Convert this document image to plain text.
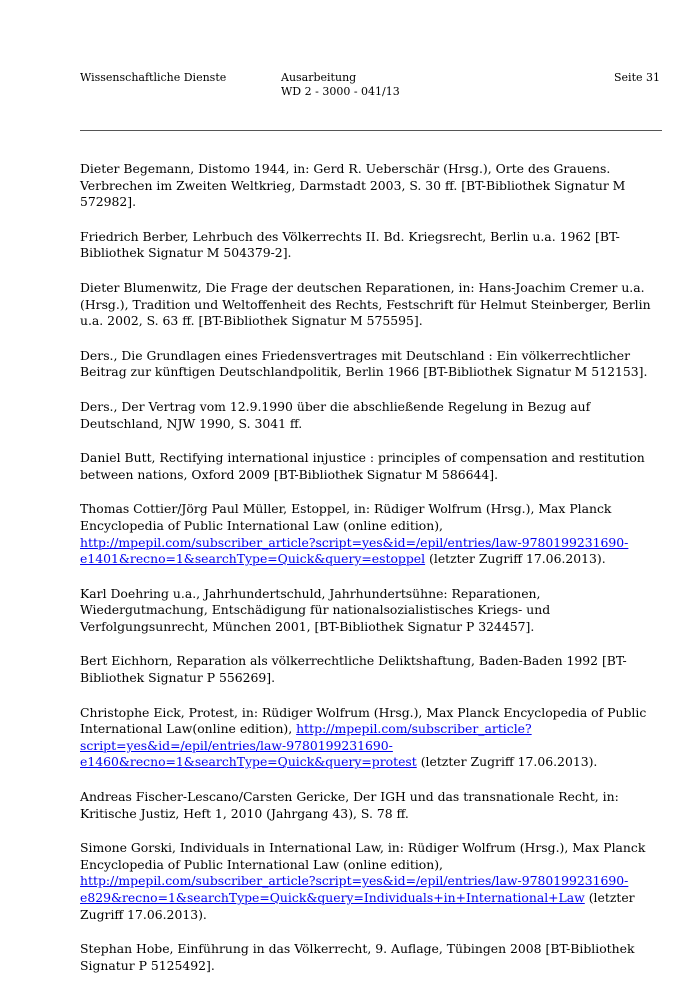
Wissenschaftliche Dienste	Ausarbeitung
WD 2 - 3000 - 041/13
Seite 31

Dieter Begemann, Distomo 1944, in: Gerd R. Ueberschär (Hrsg.), Orte des Grauens. Verbrechen im Zweiten Weltkrieg, Darmstadt 2003, S. 30 ff. [BT-Bibliothek Signatur M 572982].

Friedrich Berber, Lehrbuch des Völkerrechts II. Bd. Kriegsrecht, Berlin u.a. 1962 [BT-Bibliothek Signatur M 504379-2].

Dieter Blumenwitz, Die Frage der deutschen Reparationen, in: Hans-Joachim Cremer u.a. (Hrsg.), Tradition und Weltoffenheit des Rechts, Festschrift für Helmut Steinberger, Berlin u.a. 2002, S. 63 ff. [BT-Bibliothek Signatur M 575595].

Ders., Die Grundlagen eines Friedensvertrages mit Deutschland : Ein völkerrechtlicher Beitrag zur künftigen Deutschlandpolitik, Berlin 1966 [BT-Bibliothek Signatur M 512153].

Ders., Der Vertrag vom 12.9.1990 über die abschließende Regelung in Bezug auf Deutschland, NJW 1990, S. 3041 ff.

Daniel Butt, Rectifying international injustice : principles of compensation and restitution between nations, Oxford 2009 [BT-Bibliothek Signatur M 586644].

Thomas Cottier/Jörg Paul Müller, Estoppel, in: Rüdiger Wolfrum (Hrsg.), Max Planck Encyclopedia of Public International Law (online edition), http://mpepil.com/subscriber_article?script=yes&id=/epil/entries/law-9780199231690-e1401&recno=1&searchType=Quick&query=estoppel (letzter Zugriff 17.06.2013).

Karl Doehring u.a., Jahrhundertschuld, Jahrhundertsühne: Reparationen, Wiedergutmachung, Entschädigung für nationalsozialistisches Kriegs- und Verfolgungsunrecht, München 2001, [BT-Bibliothek Signatur P 324457].

Bert Eichhorn, Reparation als völkerrechtliche Deliktshaftung, Baden-Baden 1992 [BT-Bibliothek Signatur P 556269].

Christophe Eick, Protest, in: Rüdiger Wolfrum (Hrsg.), Max Planck Encyclopedia of Public International Law(online edition), http://mpepil.com/subscriber_article?script=yes&id=/epil/entries/law-9780199231690-e1460&recno=1&searchType=Quick&query=protest (letzter Zugriff 17.06.2013).

Andreas Fischer-Lescano/Carsten Gericke, Der IGH und das transnationale Recht, in: Kritische Justiz, Heft 1, 2010 (Jahrgang 43), S. 78 ff.

Simone Gorski, Individuals in International Law, in: Rüdiger Wolfrum (Hrsg.), Max Planck Encyclopedia of Public International Law (online edition), http://mpepil.com/subscriber_article?script=yes&id=/epil/entries/law-9780199231690-e829&recno=1&searchType=Quick&query=Individuals+in+International+Law (letzter Zugriff 17.06.2013).

Stephan Hobe, Einführung in das Völkerrecht, 9. Auflage, Tübingen 2008 [BT-Bibliothek Signatur P 5125492].
